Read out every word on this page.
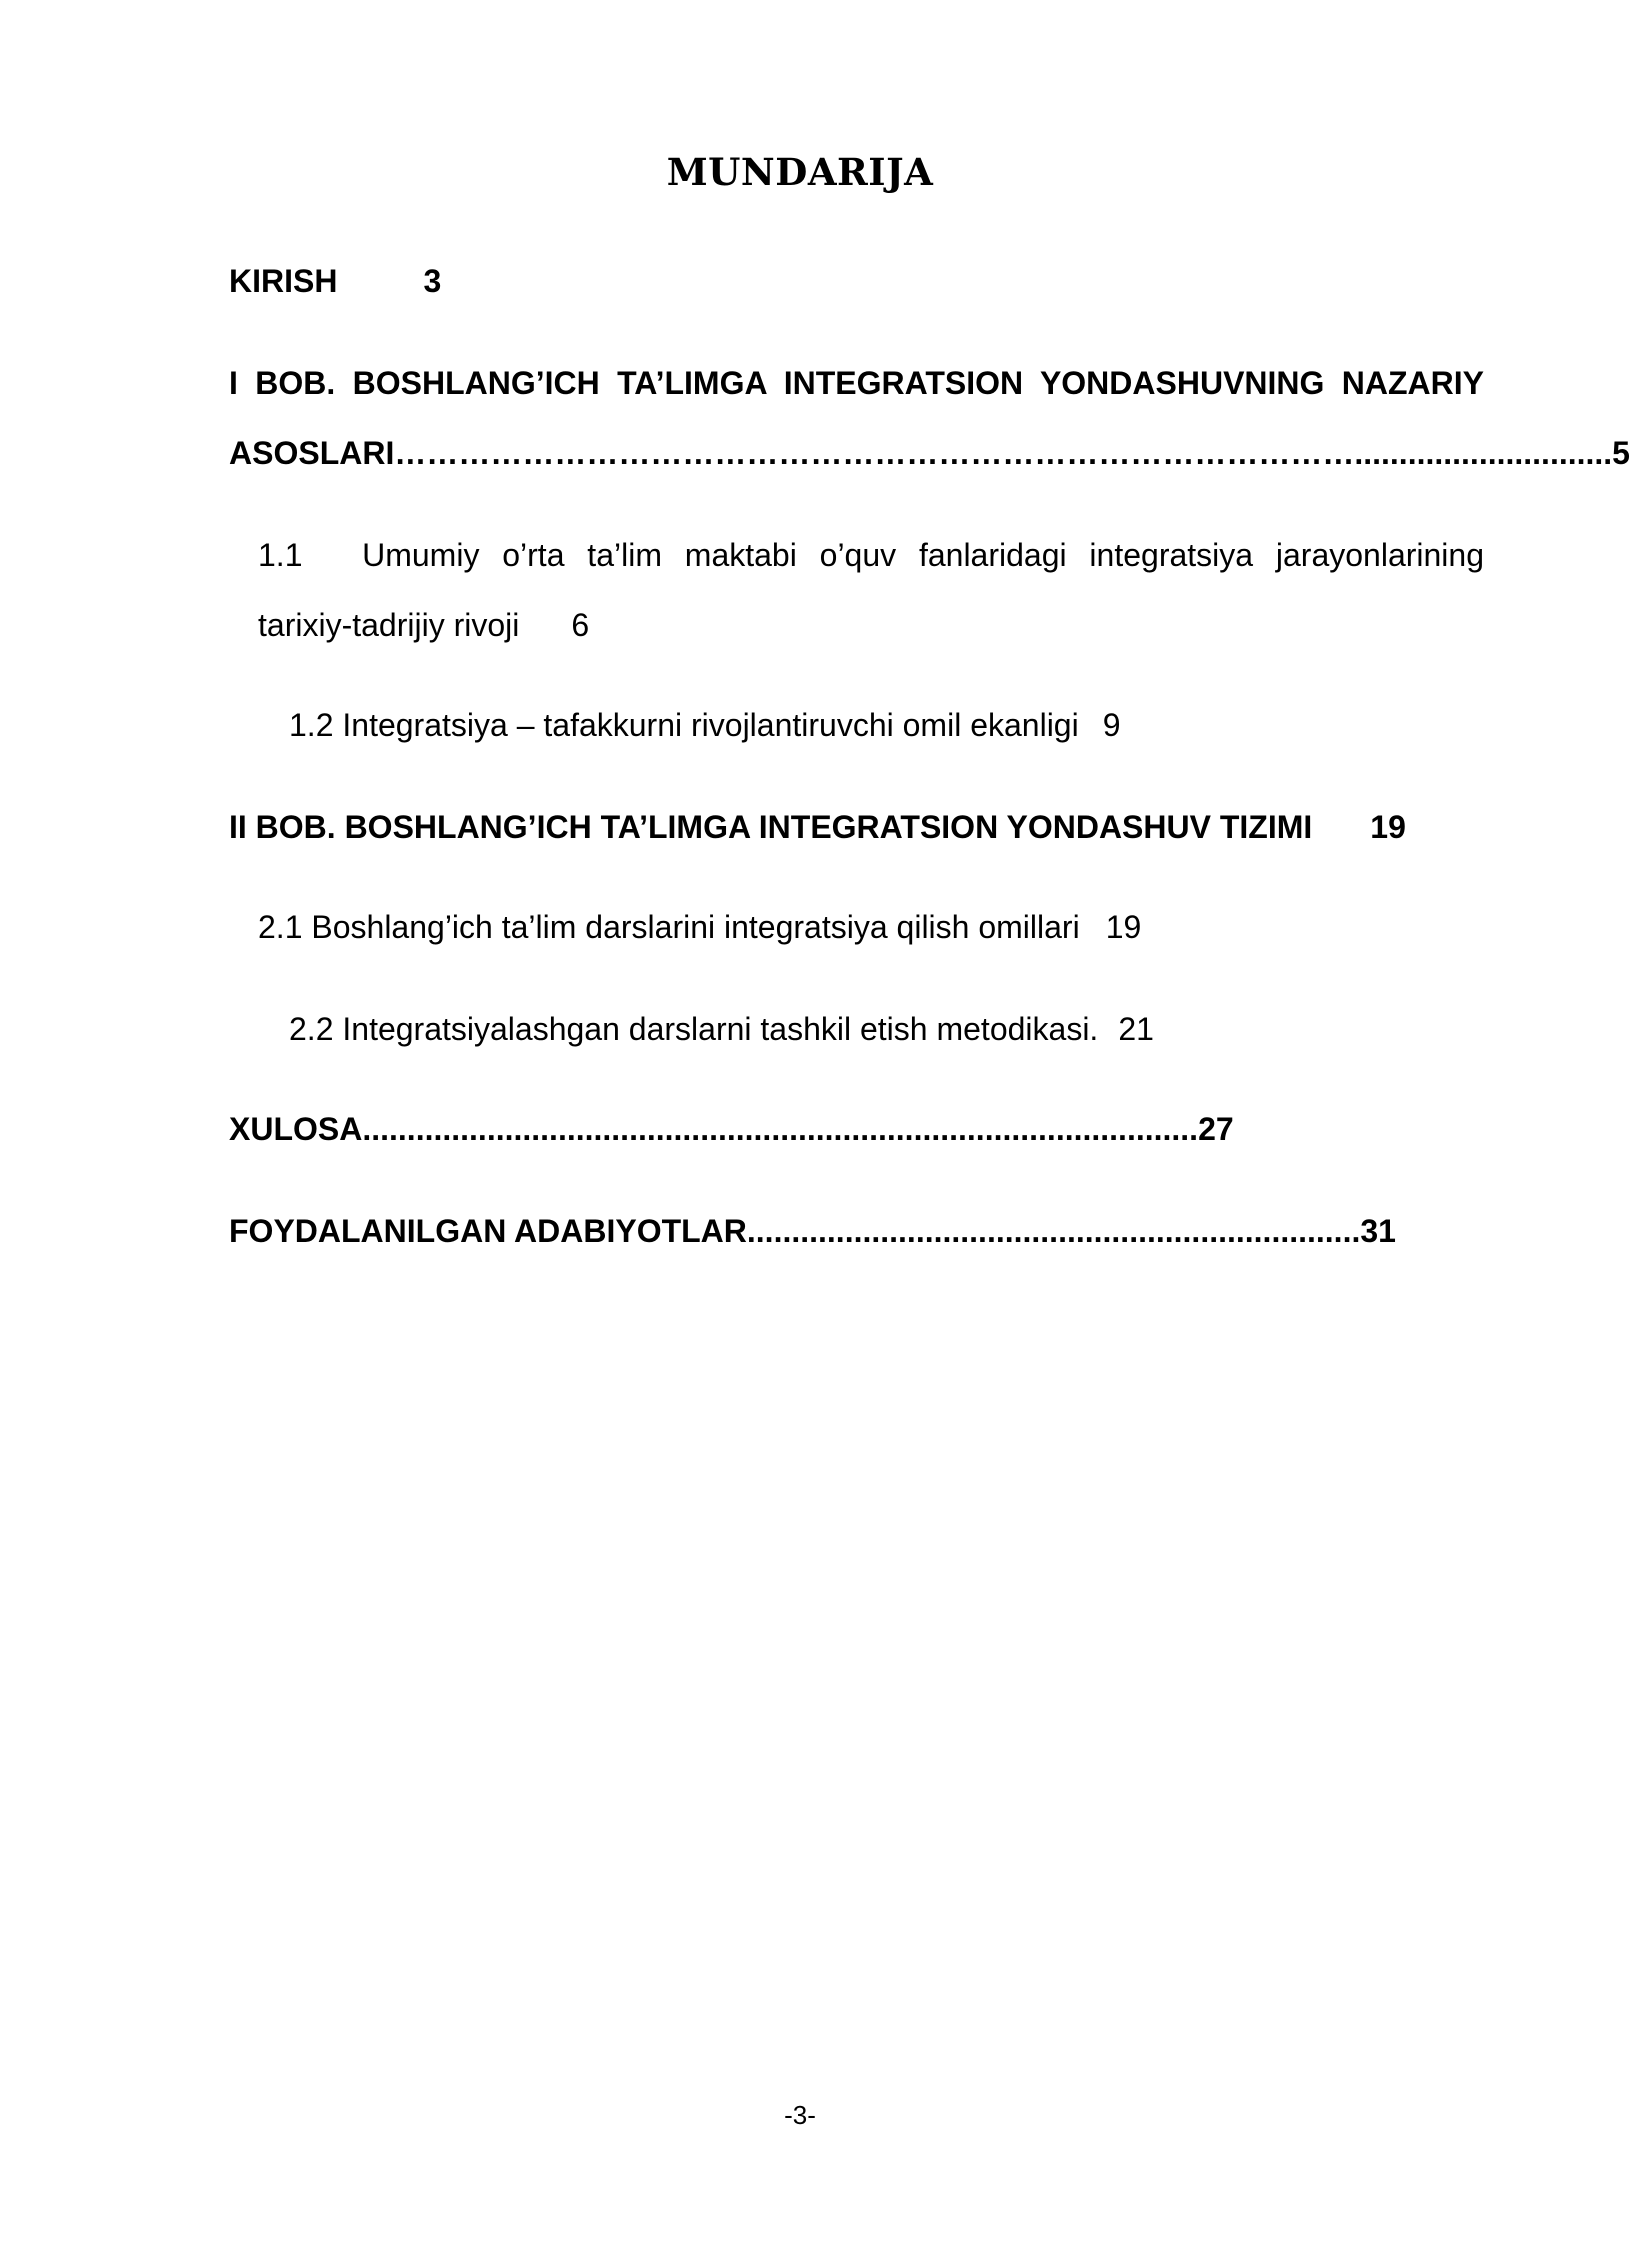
MUNDARIJA
KIRISH	3
I BOB. BOSHLANG’ICH TA’LIMGA INTEGRATSION YONDASHUVNING NAZARIY
ASOSLARI……………………………………………………………………………….............................5
1.1 Umumiy o’rta ta’lim maktabi o’quv fanlaridagi integratsiya jarayonlarining
tarixiy-tadrijiy rivoji 6
1.2 Integratsiya – tafakkurni rivojlantiruvchi omil ekanligi 9
II BOB. BOSHLANG’ICH TA’LIMGA INTEGRATSION YONDASHUV TIZIMI 19
2.1 Boshlang’ich ta’lim darslarini integratsiya qilish omillari 19
2.2 Integratsiyalashgan darslarni tashkil etish metodikasi. 21
XULOSA..............................................................................................27
FOYDALANILGAN ADABIYOTLAR.....................................................................31
-3-
